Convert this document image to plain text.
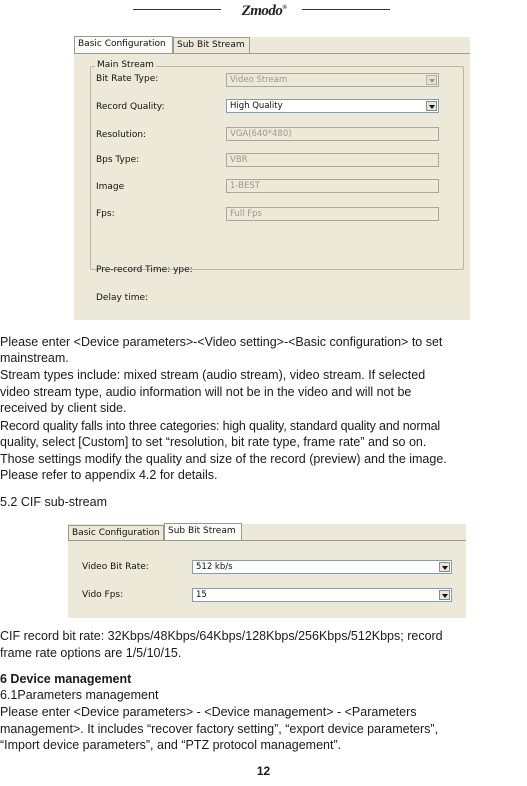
Zmodo®
Basic Configuration	Sub Bit Stream
Main Stream
Bit Rate Type:	Video Stream
Record Quality:	High Quality
Resolution:	VGA(640*480)
Bps Type:	VBR
Image	1-BEST
Fps:	Full Fps
Pre-record Time: ype:
Delay time:
Please enter <Device parameters>-<Video setting>-<Basic configuration> to set
mainstream.
Stream types include: mixed stream (audio stream), video stream. If selected
video stream type, audio information will not be in the video and will not be
received by client side.
Record quality falls into three categories: high quality, standard quality and normal
quality, select [Custom] to set “resolution, bit rate type, frame rate” and so on.
Those settings modify the quality and size of the record (preview) and the image.
Please refer to appendix 4.2 for details.
5.2 CIF sub-stream
Basic Configuration Sub Bit Stream
Video Bit Rate:	512 kb/s
Vido Fps:	15
CIF record bit rate: 32Kbps/48Kbps/64Kbps/128Kbps/256Kbps/512Kbps; record
frame rate options are 1/5/10/15.
6 Device management
6.1Parameters management
Please enter <Device parameters> - <Device management> - <Parameters
management>. It includes “recover factory setting”, “export device parameters”,
“Import device parameters”, and “PTZ protocol management”.
12
